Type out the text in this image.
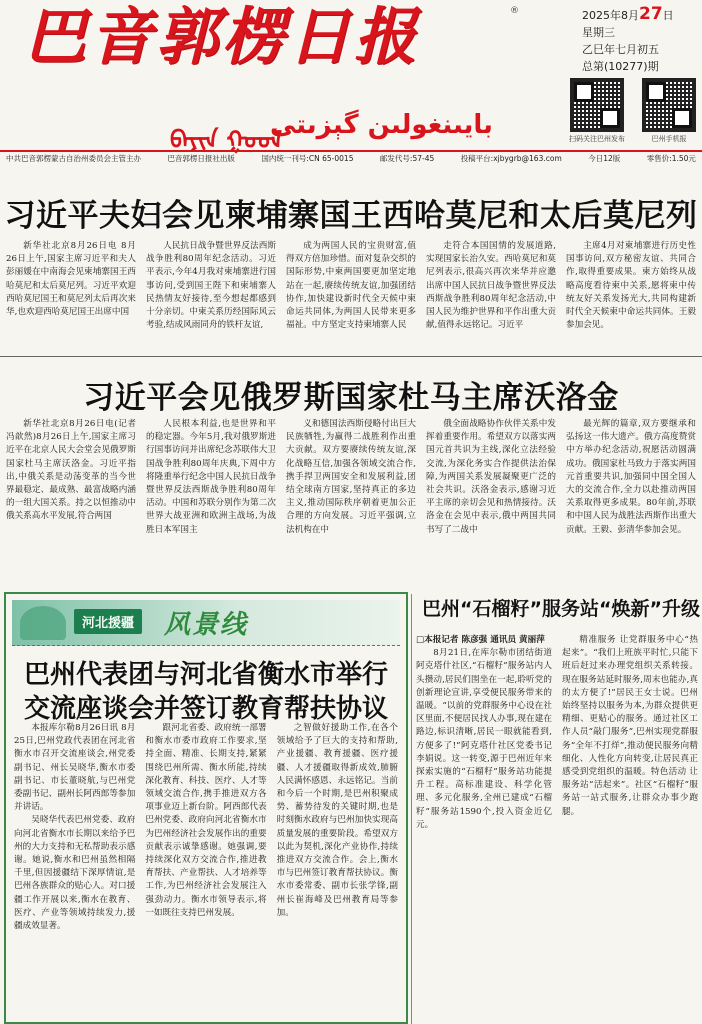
巴音郭楞日报	®
ᠪᠠᠶᠢᠨ ᠭᠣᠣᠯ
بايىنغولىن گېزىتى
2025年8月27日
星期三
乙巳年七月初五
总第(10277)期
扫码关注巴州发布	巴州手机报
中共巴音郭楞蒙古自治州委员会主管主办	巴音郭楞日报社出版	国内统一刊号:CN 65-0015	邮发代号:57-45	投稿平台:xjbygrb@163.com	今日12版	零售价:1.50元
习近平夫妇会见柬埔寨国王西哈莫尼和太后莫尼列

新华社北京8月26日电 8月26日上午,国家主席习近平和夫人彭丽媛在中南海会见柬埔寨国王西哈莫尼和太后莫尼列。习近平欢迎西哈莫尼国王和莫尼列太后再次来华,也欢迎西哈莫尼国王出席中国

人民抗日战争暨世界反法西斯战争胜利80周年纪念活动。习近平表示,今年4月我对柬埔寨进行国事访问,受到国王陛下和柬埔寨人民热情友好接待,至今想起都感到十分亲切。中柬关系历经国际风云考验,结成风雨同舟的铁杆友谊,

成为两国人民的宝贵财富,值得双方倍加珍惜。面对复杂交织的国际形势,中柬两国要更加坚定地站在一起,赓续传统友谊,加强团结协作,加快建设新时代全天候中柬命运共同体,为两国人民带来更多福祉。中方坚定支持柬埔寨人民

走符合本国国情的发展道路,实现国家长治久安。西哈莫尼和莫尼列表示,很高兴再次来华并应邀出席中国人民抗日战争暨世界反法西斯战争胜利80周年纪念活动,中国人民为维护世界和平作出重大贡献,值得永远铭记。习近平

主席4月对柬埔寨进行历史性国事访问,双方秘密友谊、共同合作,取得重要成果。柬方始终从战略高度看待柬中关系,愿将柬中传统友好关系发扬光大,共同构建新时代全天候柬中命运共同体。王毅参加会见。

习近平会见俄罗斯国家杜马主席沃洛金

新华社北京8月26日电(记者 冯歆然)8月26日上午,国家主席习近平在北京人民大会堂会见俄罗斯国家杜马主席沃洛金。习近平指出,中俄关系是动荡变革的当今世界最稳定、最成熟、最富战略内涵的一组大国关系。持之以恒推动中俄关系高水平发展,符合两国

人民根本利益,也是世界和平的稳定器。今年5月,我对俄罗斯进行国事访问并出席纪念苏联伟大卫国战争胜利80周年庆典,下周中方将隆重举行纪念中国人民抗日战争暨世界反法西斯战争胜利80周年活动。中国和苏联分别作为第二次世界大战亚洲和欧洲主战场,为战胜日本军国主

义和德国法西斯侵略付出巨大民族牺牲,为赢得二战胜利作出重大贡献。双方要赓续传统友谊,深化战略互信,加强各领域交流合作,携手捍卫两国安全和发展利益,团结全球南方国家,坚持真正的多边主义,推动国际秩序朝着更加公正合理的方向发展。习近平强调,立法机构在中

俄全面战略协作伙伴关系中发挥着重要作用。希望双方以落实两国元首共识为主线,深化立法经验交流,为深化务实合作提供法治保障,为两国关系发展凝聚更广泛的社会共识。沃洛金表示,感谢习近平主席的亲切会见和热情接待。沃洛金在会见中表示,俄中两国共同书写了二战中

最光辉的篇章,双方要继承和弘扬这一伟大遗产。俄方高度赞赏中方举办纪念活动,祝愿活动圆满成功。俄国家杜马致力于落实两国元首重要共识,加强同中国全国人大的交流合作,全力以赴推动两国关系取得更多成果。80年前,苏联和中国人民为战胜法西斯作出重大贡献。王毅、彭清华参加会见。

河北援疆	风景线
巴州代表团与河北省衡水市举行交流座谈会并签订教育帮扶协议

本报库尔勒8月26日讯 8月25日,巴州党政代表团在河北省衡水市召开交流座谈会,州党委副书记、州长吴晓华,衡水市委副书记、市长董晓航,与巴州党委副书记、副州长阿西郎等参加并讲话。

吴晓华代表巴州党委、政府向河北省衡水市长期以来给予巴州的大力支持和无私帮助表示感谢。她说,衡水和巴州虽然相隔千里,但因援疆结下深厚情谊,是巴州各族群众的贴心人。对口援疆工作开展以来,衡水在教育、医疗、产业等领域持续发力,援疆成效显著。

跟河北省委、政府统一部署和衡水市委市政府工作要求,坚持全面、精准、长期支持,紧紧围绕巴州所需、衡水所能,持续深化教育、科技、医疗、人才等领域交流合作,携手推进双方各项事业迈上新台阶。阿西郎代表巴州党委、政府向河北省衡水市为巴州经济社会发展作出的重要贡献表示诚挚感谢。她强调,要持续深化双方交流合作,推进教育帮扶、产业帮扶、人才培养等工作,为巴州经济社会发展注入强劲动力。衡水市领导表示,将一如既往支持巴州发展。

之智做好援助工作,在各个领域给予了巨大的支持和帮助,产业援疆、教育援疆、医疗援疆、人才援疆取得新成效,肺腑人民满怀感恩、永远铭记。当前和今后一个时期,是巴州积聚成势、蓄势待发的关键时期,也是时刻衡水政府与巴州加快实现高质量发展的重要阶段。希望双方以此为契机,深化产业协作,持续推进双方交流合作。会上,衡水市与巴州签订教育帮扶协议。衡水市委常委、副市长张学锋,副州长崔海峰及巴州教育局等参加。

巴州“石榴籽”服务站“焕新”升级

□本报记者 陈彦强 通讯员 黄丽萍

8月21日,在库尔勒市团结街道阿克塔什社区,“石榴籽”服务站内人头攒动,居民们围坐在一起,聆听党的创新理论宣讲,享受便民服务带来的温暖。“以前的党群服务中心设在社区里面,不便居民找人办事,现在建在路边,标识清晰,居民一眼就能看到,方便多了!”阿克塔什社区党委书记李娟说。这一转变,源于巴州近年来探索实施的“石榴籽”服务站功能提升工程。高标准建设、科学化管理、多元化服务,全州已建成“石榴籽”服务站1590个,投入资金近亿元。

精准服务 让党群服务中心“热起来”。“我们上班族平时忙,只能下班后赶过来办理党组织关系转接。现在服务站延时服务,周末也能办,真的太方便了!”居民王女士说。巴州始终坚持以服务为本,为群众提供更精细、更贴心的服务。通过社区工作人员“敲门服务”,巴州实现党群服务“全年不打烊”,推动便民服务向精细化、人性化方向转变,让居民真正感受到党组织的温暖。特色活动 让服务站“活起来”。社区“石榴籽”服务站一站式服务,让群众办事少跑腿。
